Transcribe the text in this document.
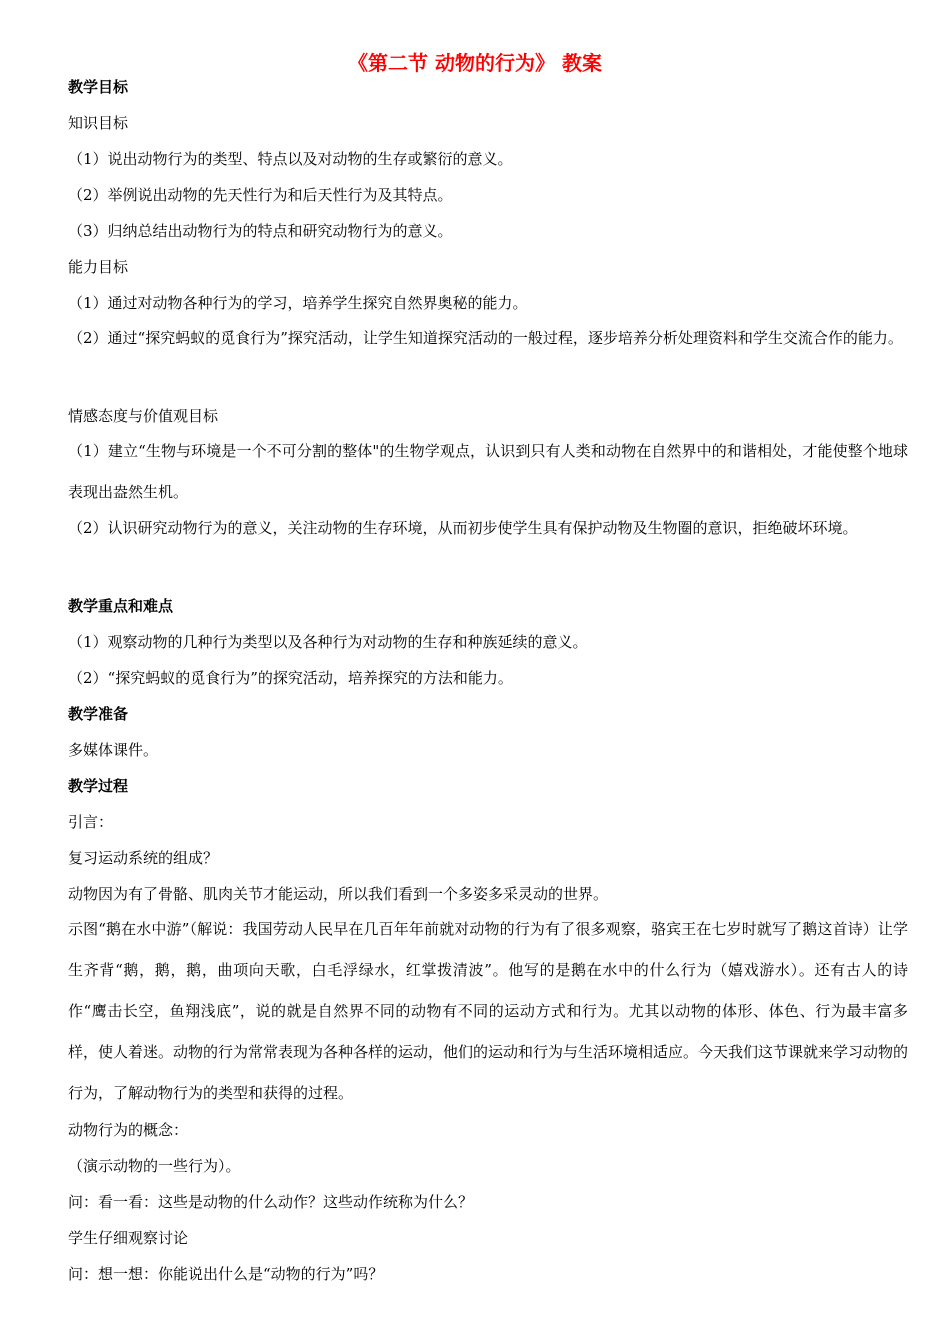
《第二节 动物的行为》 教案
教学目标
知识目标
（1）说出动物行为的类型、特点以及对动物的生存或繁衍的意义。
（2）举例说出动物的先天性行为和后天性行为及其特点。
（3）归纳总结出动物行为的特点和研究动物行为的意义。
能力目标
（1）通过对动物各种行为的学习，培养学生探究自然界奥秘的能力。
（2）通过“探究蚂蚁的觅食行为”探究活动，让学生知道探究活动的一般过程，逐步培养分析处理资料和学生交流合作的能力。
情感态度与价值观目标
（1）建立“生物与环境是一个不可分割的整体"的生物学观点，认识到只有人类和动物在自然界中的和谐相处，才能使整个地球表现出盎然生机。
（2）认识研究动物行为的意义，关注动物的生存环境，从而初步使学生具有保护动物及生物圈的意识，拒绝破坏环境。
教学重点和难点
（1）观察动物的几种行为类型以及各种行为对动物的生存和种族延续的意义。
（2）“探究蚂蚁的觅食行为”的探究活动，培养探究的方法和能力。
教学准备
多媒体课件。
教学过程
引言：
复习运动系统的组成？
动物因为有了骨骼、肌肉关节才能运动，所以我们看到一个多姿多采灵动的世界。
示图“鹅在水中游”（解说：我国劳动人民早在几百年年前就对动物的行为有了很多观察，骆宾王在七岁时就写了鹅这首诗）让学生齐背“鹅，鹅，鹅，曲项向天歌，白毛浮绿水，红掌拨清波”。他写的是鹅在水中的什么行为（嬉戏游水）。还有古人的诗作“鹰击长空，鱼翔浅底”，说的就是自然界不同的动物有不同的运动方式和行为。尤其以动物的体形、体色、行为最丰富多样，使人着迷。动物的行为常常表现为各种各样的运动，他们的运动和行为与生活环境相适应。今天我们这节课就来学习动物的行为，了解动物行为的类型和获得的过程。
动物行为的概念：
（演示动物的一些行为）。
问：看一看：这些是动物的什么动作？这些动作统称为什么？
学生仔细观察讨论
问：想一想：你能说出什么是“动物的行为”吗？
